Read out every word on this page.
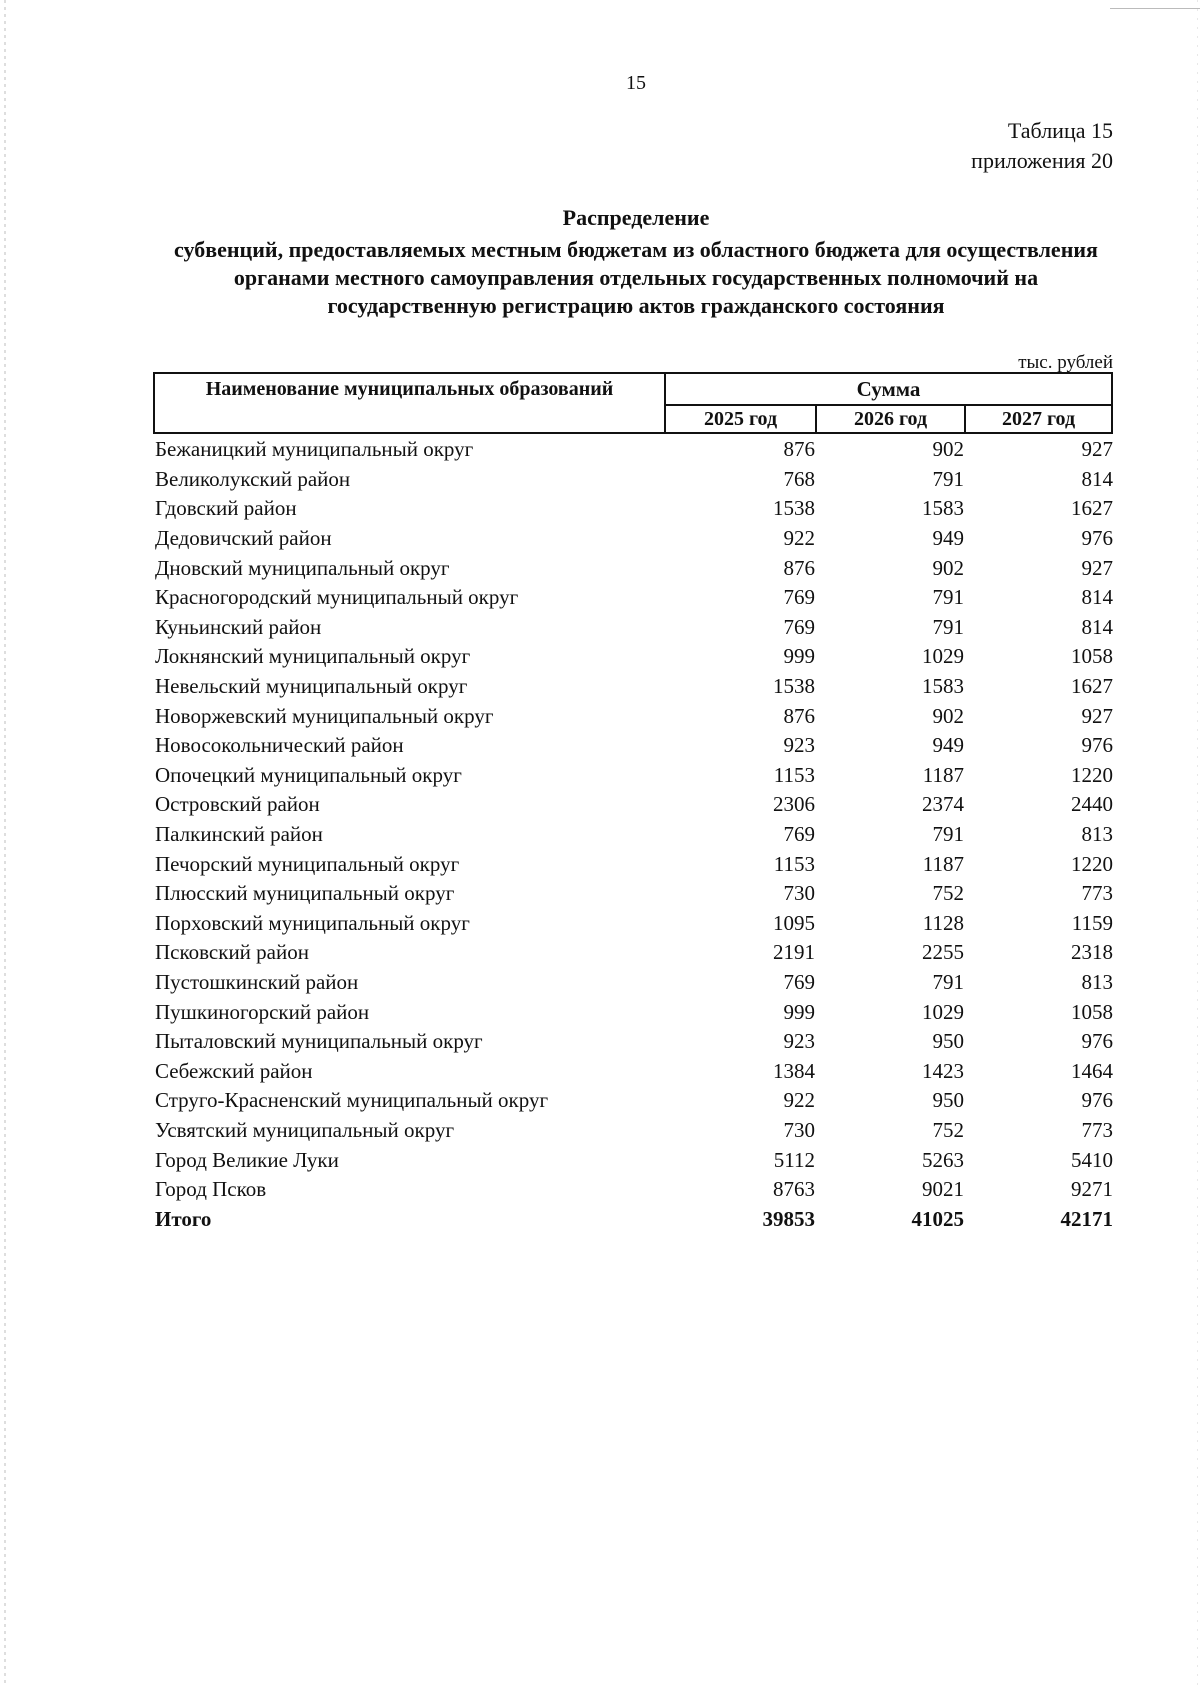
15
Таблица 15
приложения 20
Распределение
субвенций, предоставляемых местным бюджетам из областного бюджета для осуществления органами местного самоуправления отдельных государственных полномочий на государственную регистрацию актов гражданского состояния
тыс. рублей
Наименование муниципальных образований	Сумма
2025 год	2026 год	2027 год
Бежаницкий муниципальный округ	876	902	927
Великолукский район	768	791	814
Гдовский район	1538	1583	1627
Дедовичский район	922	949	976
Дновский муниципальный округ	876	902	927
Красногородский муниципальный округ	769	791	814
Куньинский район	769	791	814
Локнянский муниципальный округ	999	1029	1058
Невельский муниципальный округ	1538	1583	1627
Новоржевский муниципальный округ	876	902	927
Новосокольнический район	923	949	976
Опочецкий муниципальный округ	1153	1187	1220
Островский район	2306	2374	2440
Палкинский район	769	791	813
Печорский муниципальный округ	1153	1187	1220
Плюсский муниципальный округ	730	752	773
Порховский муниципальный округ	1095	1128	1159
Псковский район	2191	2255	2318
Пустошкинский район	769	791	813
Пушкиногорский район	999	1029	1058
Пыталовский муниципальный округ	923	950	976
Себежский район	1384	1423	1464
Струго-Красненский муниципальный округ	922	950	976
Усвятский муниципальный округ	730	752	773
Город Великие Луки	5112	5263	5410
Город Псков	8763	9021	9271
Итого	39853	41025	42171
